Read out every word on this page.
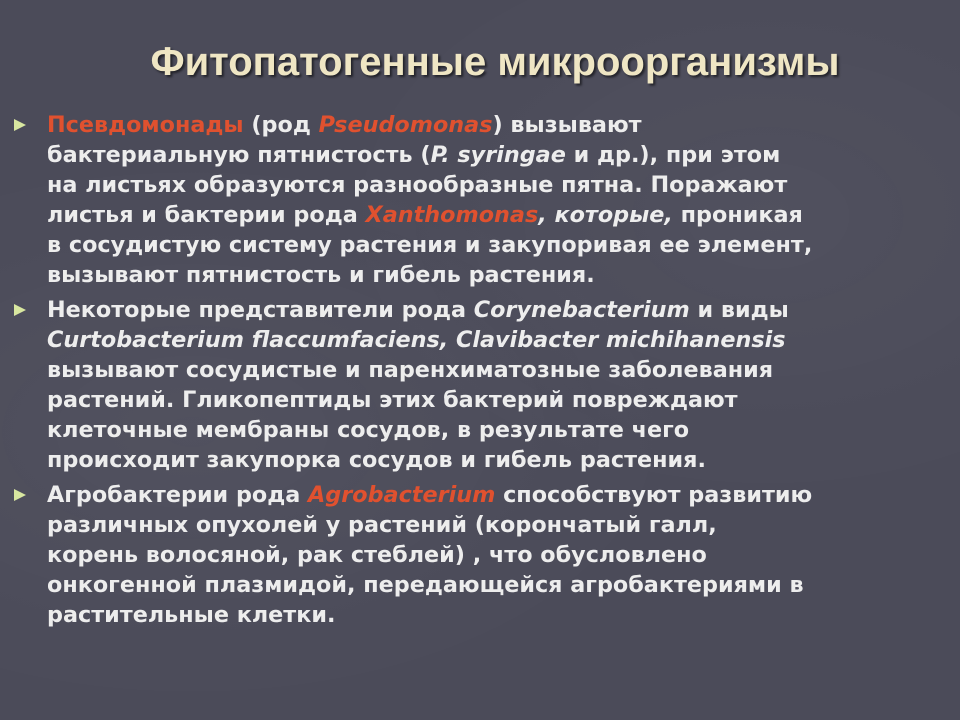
Фитопатогенные микроорганизмы
Псевдомонады (род Pseudomonas) вызывают
бактериальную пятнистость (P. syringae и др.), при этом
на листьях образуются разнообразные пятна. Поражают
листья и бактерии рода Xanthomonas, которые, проникая
в сосудистую систему растения и закупоривая ее элемент,
вызывают пятнистость и гибель растения.
Некоторые представители рода Corynebacterium и виды
Curtobacterium flaccumfaciens, Clavibacter michihanensis
вызывают сосудистые и паренхиматозные заболевания
растений. Гликопептиды этих бактерий повреждают
клеточные мембраны сосудов, в результате чего
происходит закупорка сосудов и гибель растения.
Агробактерии рода Agrobacterium способствуют развитию
различных опухолей у растений (корончатый галл,
корень волосяной, рак стеблей) , что обусловлено
онкогенной плазмидой, передающейся агробактериями в
растительные клетки.
